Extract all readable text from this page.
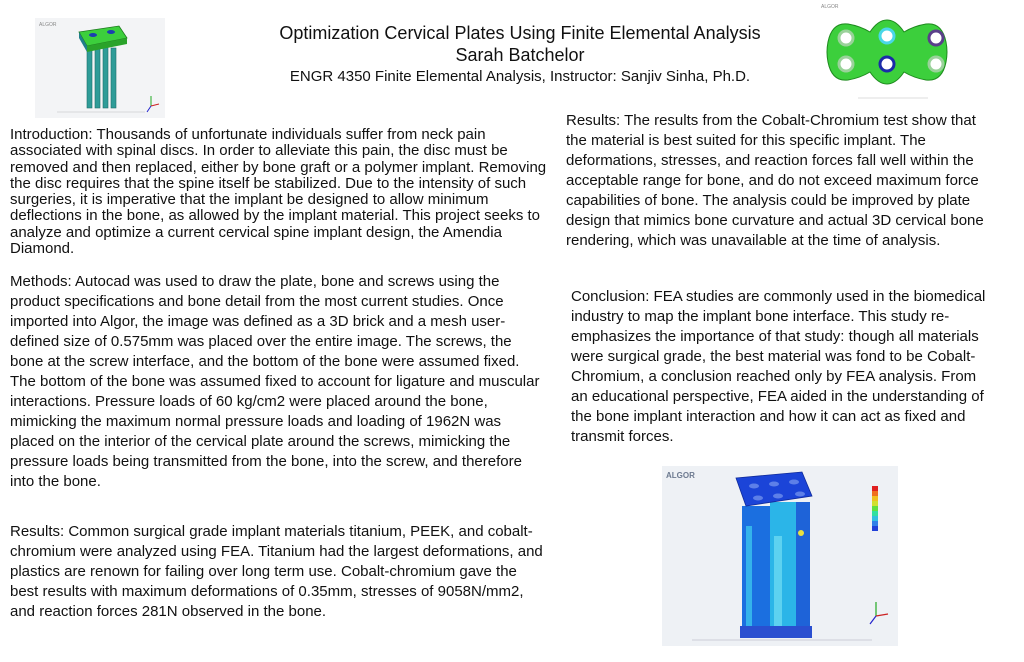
Optimization Cervical Plates Using Finite Elemental Analysis

Sarah Batchelor

ENGR 4350 Finite Elemental Analysis, Instructor: Sanjiv Sinha, Ph.D.

ALGOR
ALGOR
Introduction: Thousands of unfortunate individuals suffer from neck pain associated with spinal discs. In order to alleviate this pain, the disc must be removed and then replaced, either by bone graft or a polymer implant. Removing the disc requires that the spine itself be stabilized. Due to the intensity of such surgeries, it is imperative that the implant be designed to allow minimum deflections in the bone, as allowed by the implant material. This project seeks to analyze and optimize a current cervical spine implant design, the Amendia Diamond.
Methods: Autocad was used to draw the plate, bone and screws using the product specifications and bone detail from the most current studies. Once imported into Algor, the image was defined as a 3D brick and a mesh user-defined size of 0.575mm was placed over the entire image. The screws, the bone at the screw interface, and the bottom of the bone were assumed fixed. The bottom of the bone was assumed fixed to account for ligature and muscular interactions. Pressure loads of 60 kg/cm2 were placed around the bone, mimicking the maximum normal pressure loads and loading of 1962N was placed on the interior of the cervical plate around the screws, mimicking the pressure loads being transmitted from the bone, into the screw, and therefore into the bone.
Results: Common surgical grade implant materials titanium, PEEK, and cobalt-chromium were analyzed using FEA. Titanium had the largest deformations, and plastics are renown for failing over long term use. Cobalt-chromium gave the best results with maximum deformations of 0.35mm, stresses of 9058N/mm2, and reaction forces 281N observed in the bone.
Results: The results from the Cobalt-Chromium test show that the material is best suited for this specific implant. The deformations, stresses, and reaction forces fall well within the acceptable range for bone, and do not exceed maximum force capabilities of bone. The analysis could be improved by plate design that mimics bone curvature and actual 3D cervical bone rendering, which was unavailable at the time of analysis.
Conclusion: FEA studies are commonly used in the biomedical industry to map the implant bone interface. This study re-emphasizes the importance of that study: though all materials were surgical grade, the best material was fond to be Cobalt-Chromium, a conclusion reached only by FEA analysis. From an educational perspective, FEA aided in the understanding of the bone implant interaction and how it can act as fixed and transmit forces.
ALGOR
